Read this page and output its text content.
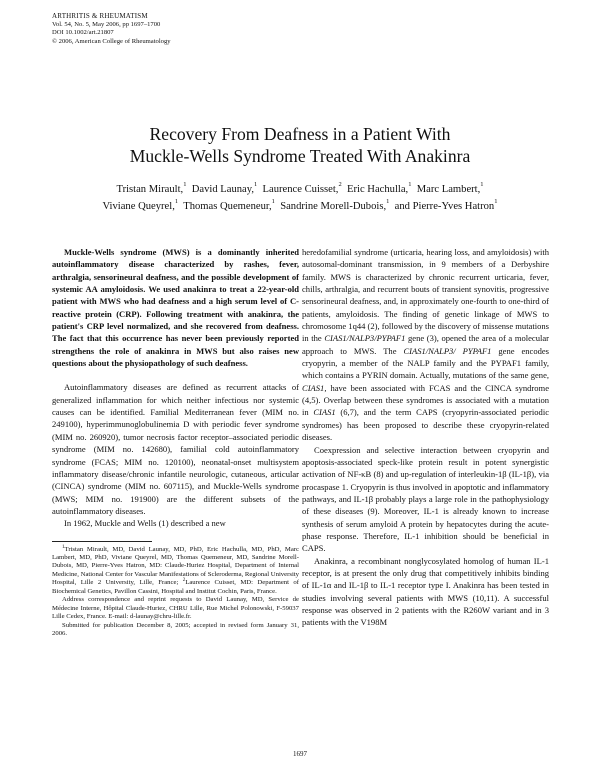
ARTHRITIS & RHEUMATISM
Vol. 54, No. 5, May 2006, pp 1697–1700
DOI 10.1002/art.21807
© 2006, American College of Rheumatology
Recovery From Deafness in a Patient With
Muckle-Wells Syndrome Treated With Anakinra
Tristan Mirault,$^1$ David Launay,$^1$ Laurence Cuisset,$^2$ Eric Hachulla,$^1$ Marc Lambert,$^1$
Viviane Queyrel,$^1$ Thomas Quemeneur,$^1$ Sandrine Morell-Dubois,$^1$ and Pierre-Yves Hatron$^1$

Muckle-Wells syndrome (MWS) is a dominantly inherited autoinflammatory disease characterized by rashes, fever, arthralgia, sensorineural deafness, and the possible development of systemic AA amyloidosis. We used anakinra to treat a 22-year-old patient with MWS who had deafness and a high serum level of C-reactive protein (CRP). Following treatment with anakinra, the patient's CRP level normalized, and she recovered from deafness. The fact that this occurrence has never been previously reported strengthens the role of anakinra in MWS but also raises new questions about the physiopathology of such deafness.

Autoinflammatory diseases are defined as recurrent attacks of generalized inflammation for which neither infectious nor systemic causes can be identified. Familial Mediterranean fever (MIM no. 249100), hyperimmunoglobulinemia D with periodic fever syndrome (MIM no. 260920), tumor necrosis factor receptor–associated periodic syndrome (MIM no. 142680), familial cold autoinflammatory syndrome (FCAS; MIM no. 120100), neonatal-onset multisystem inflammatory disease/chronic infantile neurologic, cutaneous, articular (CINCA) syndrome (MIM no. 607115), and Muckle-Wells syndrome (MWS; MIM no. 191900) are the different subsets of the autoinflammatory diseases.

In 1962, Muckle and Wells (1) described a new

$^1$Tristan Mirault, MD, David Launay, MD, PhD, Eric Hachulla, MD, PhD, Marc Lambert, MD, PhD, Viviane Queyrel, MD, Thomas Quemeneur, MD, Sandrine Morell-Dubois, MD, Pierre-Yves Hatron, MD: Claude-Huriez Hospital, Department of Internal Medicine, National Center for Vascular Manifestations of Scleroderma, Regional University Hospital, Lille 2 University, Lille, France; $^2$Laurence Cuisset, MD: Department of Biochemical Genetics, Pavillon Cassini, Hospital and Institut Cochin, Paris, France.

Address correspondence and reprint requests to David Launay, MD, Service de Médecine Interne, Hôpital Claude-Huriez, CHRU Lille, Rue Michel Polonowski, F-59037 Lille Cedex, France. E-mail: d-launay@chru-lille.fr.

Submitted for publication December 8, 2005; accepted in revised form January 31, 2006.

heredofamilial syndrome (urticaria, hearing loss, and amyloidosis) with autosomal-dominant transmission, in 9 members of a Derbyshire family. MWS is characterized by chronic recurrent urticaria, fever, chills, arthralgia, and recurrent bouts of transient synovitis, progressive sensorineural deafness, and, in approximately one-fourth to one-third of patients, amyloidosis. The finding of genetic linkage of MWS to chromosome 1q44 (2), followed by the discovery of missense mutations in the CIAS1/NALP3/PYPAF1 gene (3), opened the area of a molecular approach to MWS. The CIAS1/NALP3/ PYPAF1 gene encodes cryopyrin, a member of the NALP family and the PYPAF1 family, which contains a PYRIN domain. Actually, mutations of the same gene, CIAS1, have been associated with FCAS and the CINCA syndrome (4,5). Overlap between these syndromes is associated with a mutation in CIAS1 (6,7), and the term CAPS (cryopyrin-associated periodic syndromes) has been proposed to describe these cryopyrin-related diseases.

Coexpression and selective interaction between cryopyrin and apoptosis-associated speck-like protein result in potent synergistic activation of NF-κB (8) and up-regulation of interleukin-1β (IL-1β), via procaspase 1. Cryopyrin is thus involved in apoptotic and inflammatory pathways, and IL-1β probably plays a large role in the pathophysiology of these diseases (9). Moreover, IL-1 is already known to increase synthesis of serum amyloid A protein by hepatocytes during the acute-phase response. Therefore, IL-1 inhibition should be beneficial in CAPS.

Anakinra, a recombinant nonglycosylated homolog of human IL-1 receptor, is at present the only drug that competitively inhibits binding of IL-1α and IL-1β to IL-1 receptor type I. Anakinra has been tested in studies involving several patients with MWS (10,11). A successful response was observed in 2 patients with the R260W variant and in 3 patients with the V198M

1697
